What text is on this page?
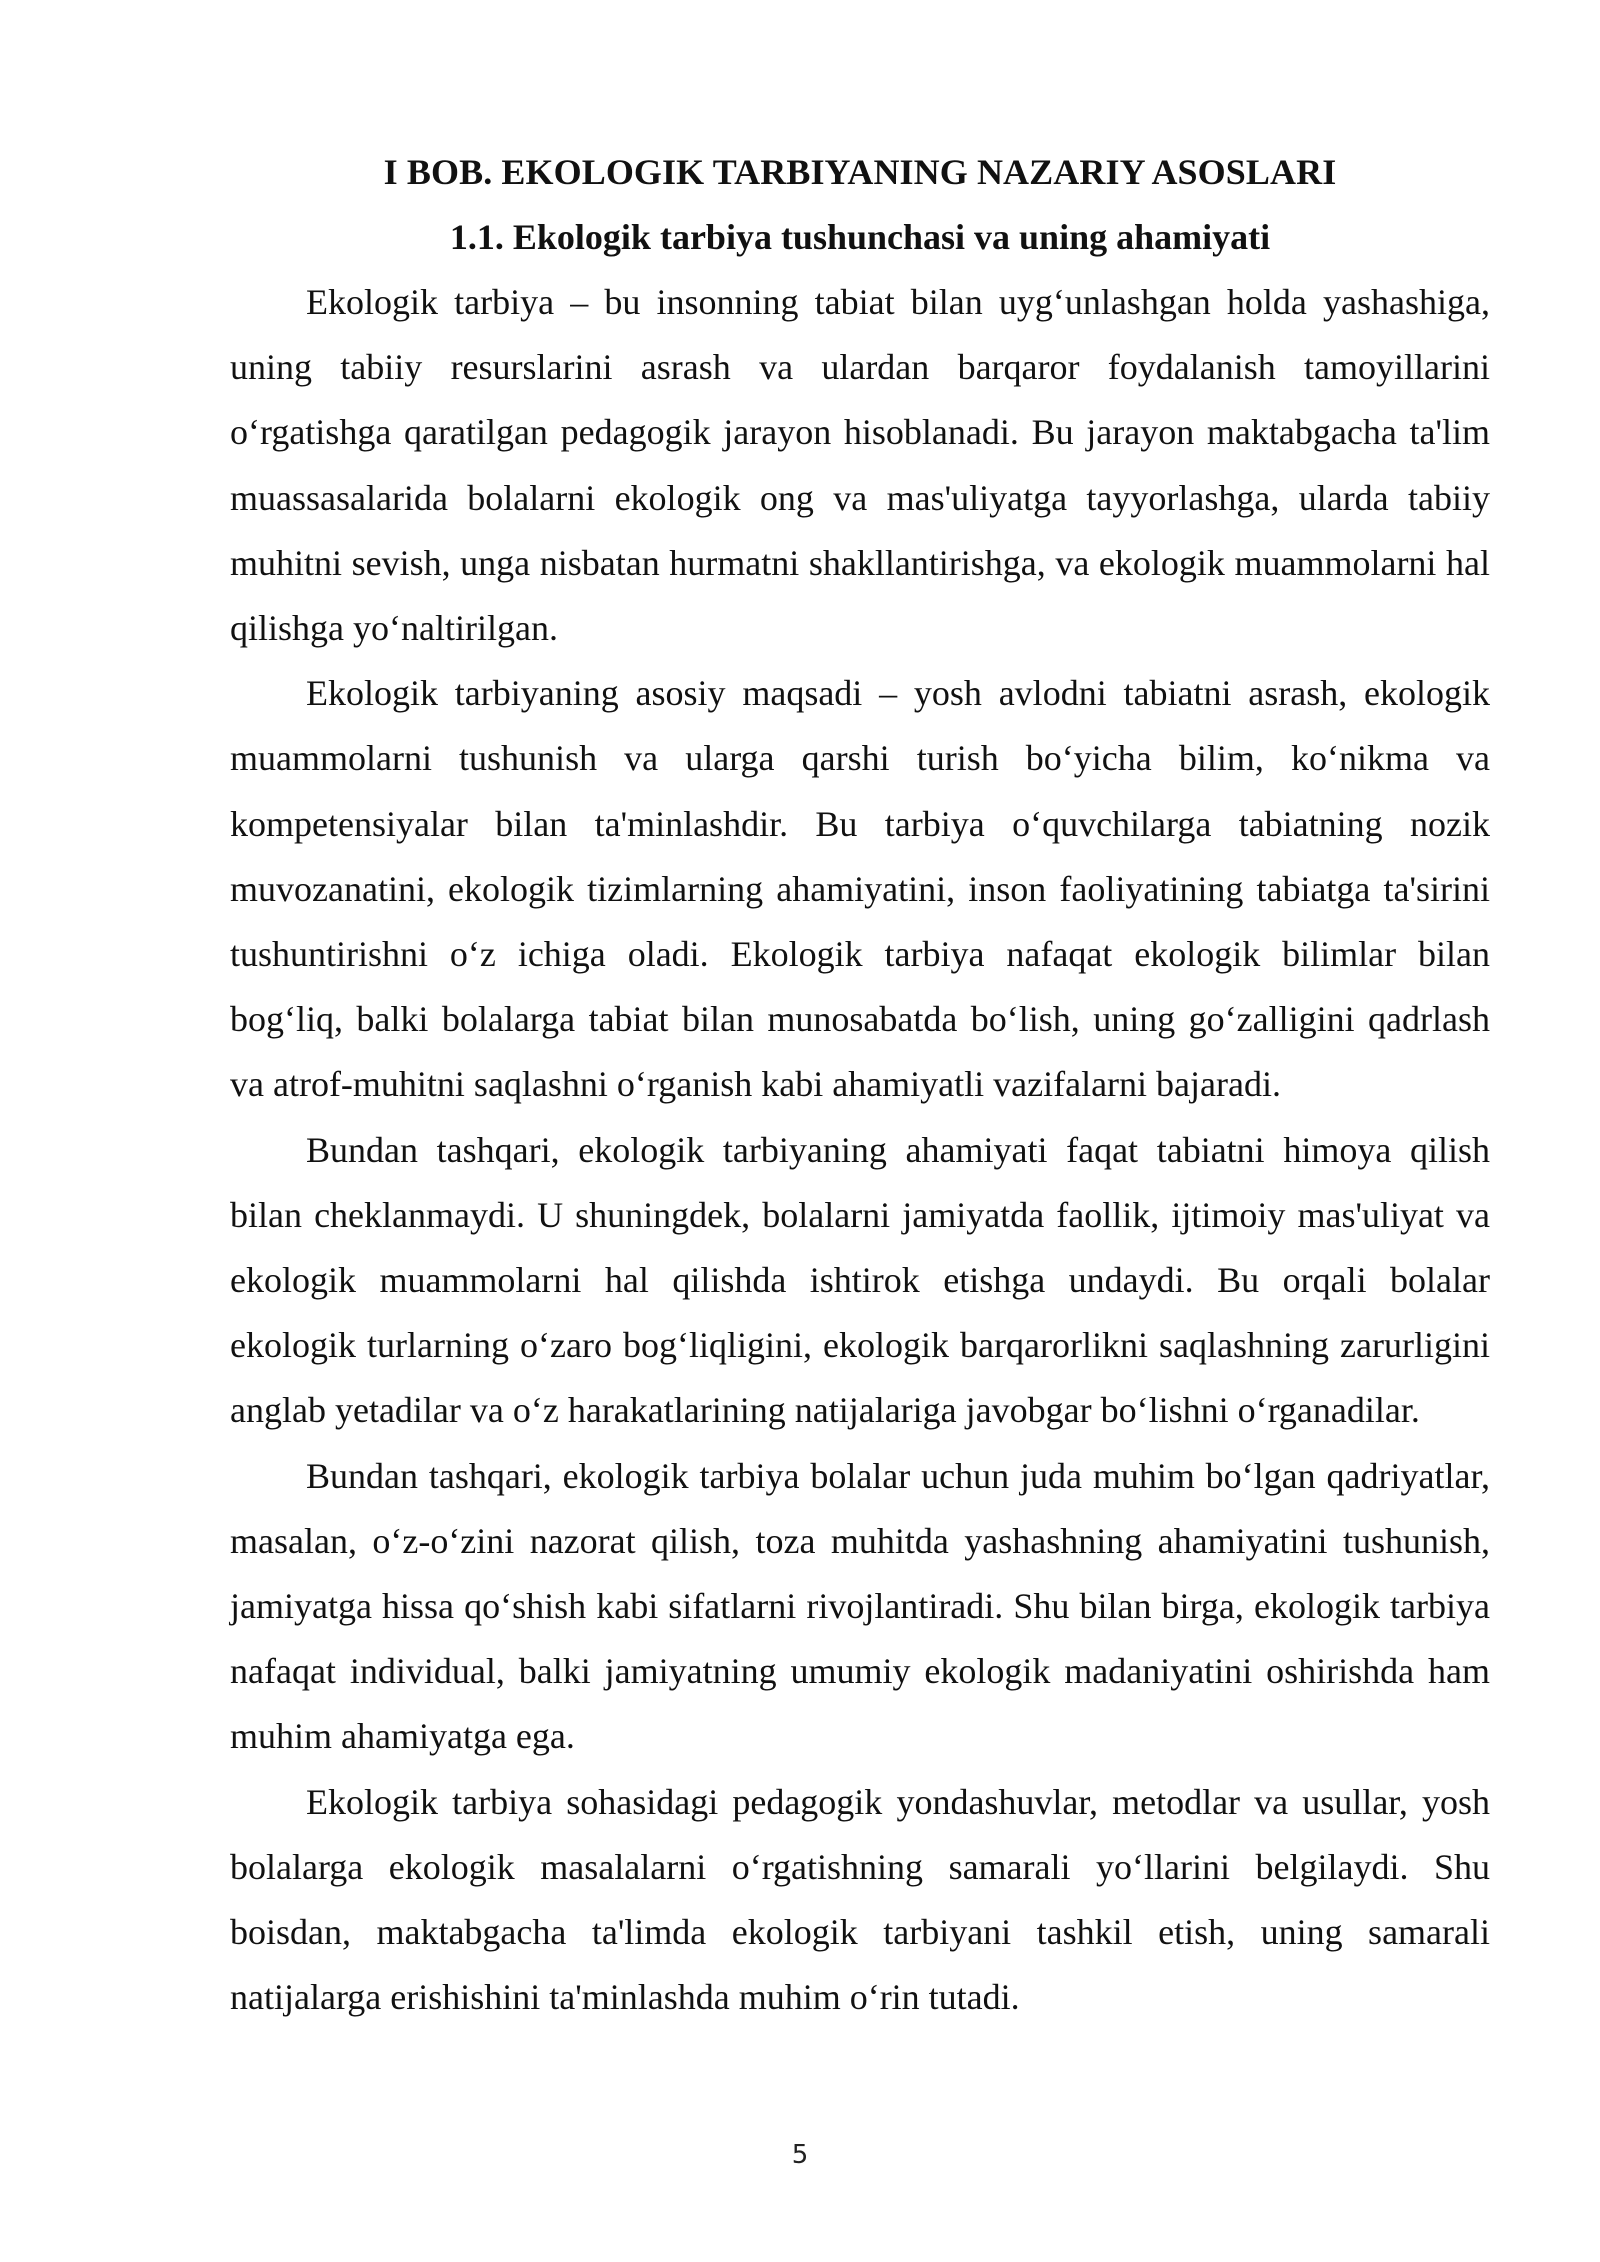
I BOB. EKOLOGIK TARBIYANING NAZARIY ASOSLARI
1.1. Ekologik tarbiya tushunchasi va uning ahamiyati

Ekologik tarbiya – bu insonning tabiat bilan uyg‘unlashgan holda yashashiga, uning tabiiy resurslarini asrash va ulardan barqaror foydalanish tamoyillarini o‘rgatishga qaratilgan pedagogik jarayon hisoblanadi. Bu jarayon maktabgacha ta'lim muassasalarida bolalarni ekologik ong va mas'uliyatga tayyorlashga, ularda tabiiy muhitni sevish, unga nisbatan hurmatni shakllantirishga, va ekologik muammolarni hal qilishga yo‘naltirilgan.

Ekologik tarbiyaning asosiy maqsadi – yosh avlodni tabiatni asrash, ekologik muammolarni tushunish va ularga qarshi turish bo‘yicha bilim, ko‘nikma va kompetensiyalar bilan ta'minlashdir. Bu tarbiya o‘quvchilarga tabiatning nozik muvozanatini, ekologik tizimlarning ahamiyatini, inson faoliyatining tabiatga ta'sirini tushuntirishni o‘z ichiga oladi. Ekologik tarbiya nafaqat ekologik bilimlar bilan bog‘liq, balki bolalarga tabiat bilan munosabatda bo‘lish, uning go‘zalligini qadrlash va atrof-muhitni saqlashni o‘rganish kabi ahamiyatli vazifalarni bajaradi.

Bundan tashqari, ekologik tarbiyaning ahamiyati faqat tabiatni himoya qilish bilan cheklanmaydi. U shuningdek, bolalarni jamiyatda faollik, ijtimoiy mas'uliyat va ekologik muammolarni hal qilishda ishtirok etishga undaydi. Bu orqali bolalar ekologik turlarning o‘zaro bog‘liqligini, ekologik barqarorlikni saqlashning zarurligini anglab yetadilar va o‘z harakatlarining natijalariga javobgar bo‘lishni o‘rganadilar.

Bundan tashqari, ekologik tarbiya bolalar uchun juda muhim bo‘lgan qadriyatlar, masalan, o‘z-o‘zini nazorat qilish, toza muhitda yashashning ahamiyatini tushunish, jamiyatga hissa qo‘shish kabi sifatlarni rivojlantiradi. Shu bilan birga, ekologik tarbiya nafaqat individual, balki jamiyatning umumiy ekologik madaniyatini oshirishda ham muhim ahamiyatga ega.

Ekologik tarbiya sohasidagi pedagogik yondashuvlar, metodlar va usullar, yosh bolalarga ekologik masalalarni o‘rgatishning samarali yo‘llarini belgilaydi. Shu boisdan, maktabgacha ta'limda ekologik tarbiyani tashkil etish, uning samarali natijalarga erishishini ta'minlashda muhim o‘rin tutadi.

5
